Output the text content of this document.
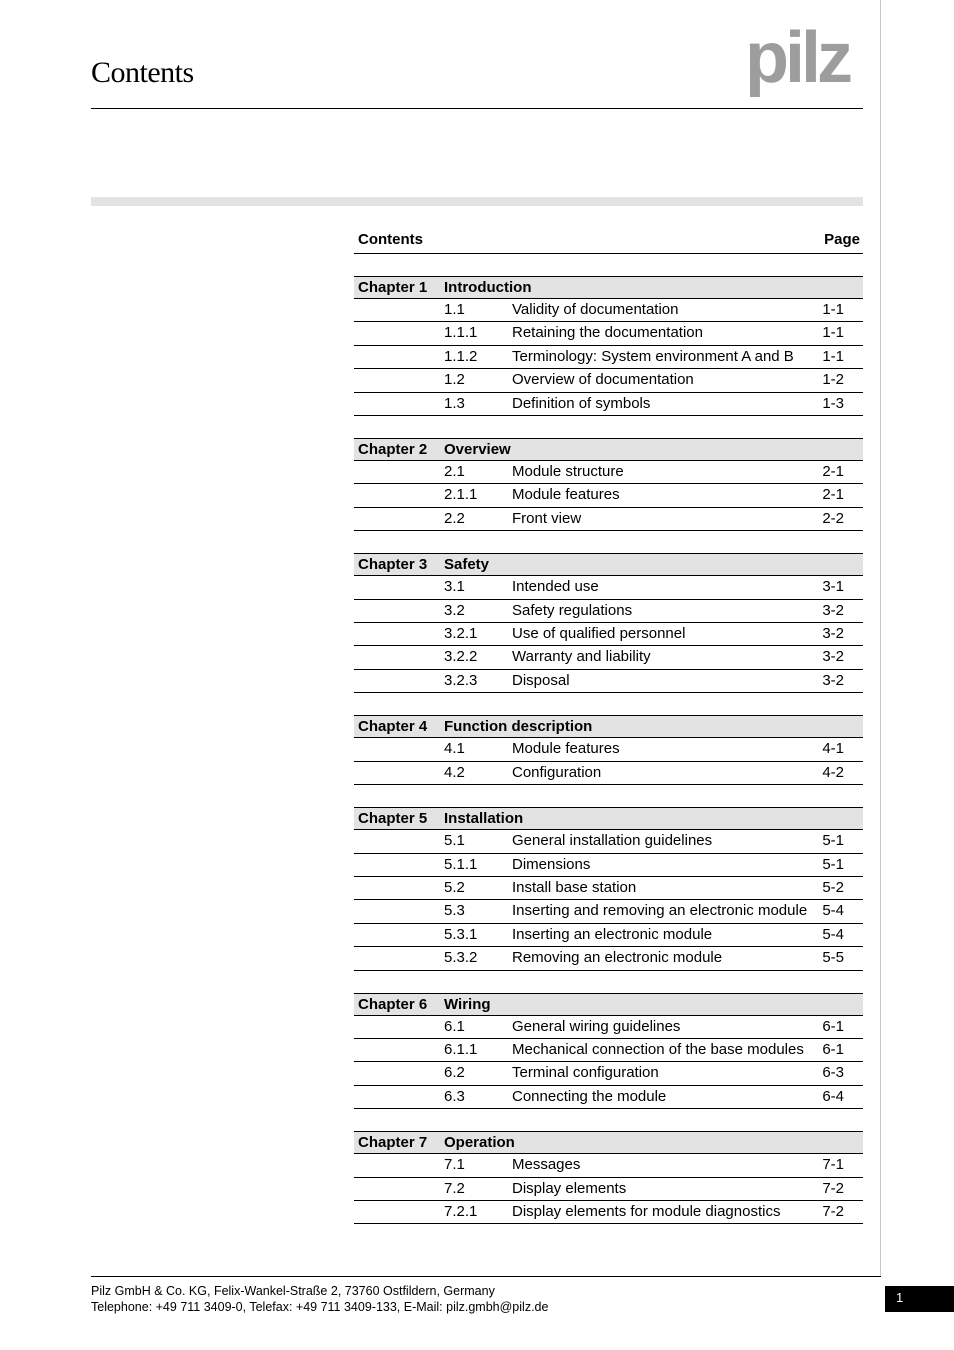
Contents	pilz
Contents	Page
Chapter 1 Introduction
1.1	Validity of documentation	1-1
1.1.1 Retaining the documentation	1-1
1.1.2 Terminology: System environment A and B	1-1
1.2	Overview of documentation	1-2
1.3	Definition of symbols	1-3
Chapter 2 Overview
2.1	Module structure	2-1
2.1.1 Module features	2-1
2.2	Front view	2-2
Chapter 3 Safety
3.1	Intended use	3-1
3.2	Safety regulations	3-2
3.2.1 Use of qualified personnel	3-2
3.2.2 Warranty and liability	3-2
3.2.3 Disposal	3-2
Chapter 4 Function description
4.1	Module features	4-1
4.2	Configuration	4-2
Chapter 5 Installation
5.1	General installation guidelines	5-1
5.1.1 Dimensions	5-1
5.2	Install base station	5-2
5.3	Inserting and removing an electronic module	5-4
5.3.1 Inserting an electronic module	5-4
5.3.2 Removing an electronic module	5-5
Chapter 6 Wiring
6.1	General wiring guidelines	6-1
6.1.1 Mechanical connection of the base modules	6-1
6.2	Terminal configuration	6-3
6.3	Connecting the module	6-4
Chapter 7 Operation
7.1	Messages	7-1
7.2	Display elements	7-2
7.2.1 Display elements for module diagnostics	7-2
Pilz GmbH & Co. KG, Felix-Wankel-Straße 2, 73760 Ostfildern, Germany
Telephone: +49 711 3409-0, Telefax: +49 711 3409-133, E-Mail: pilz.gmbh@pilz.de
1
